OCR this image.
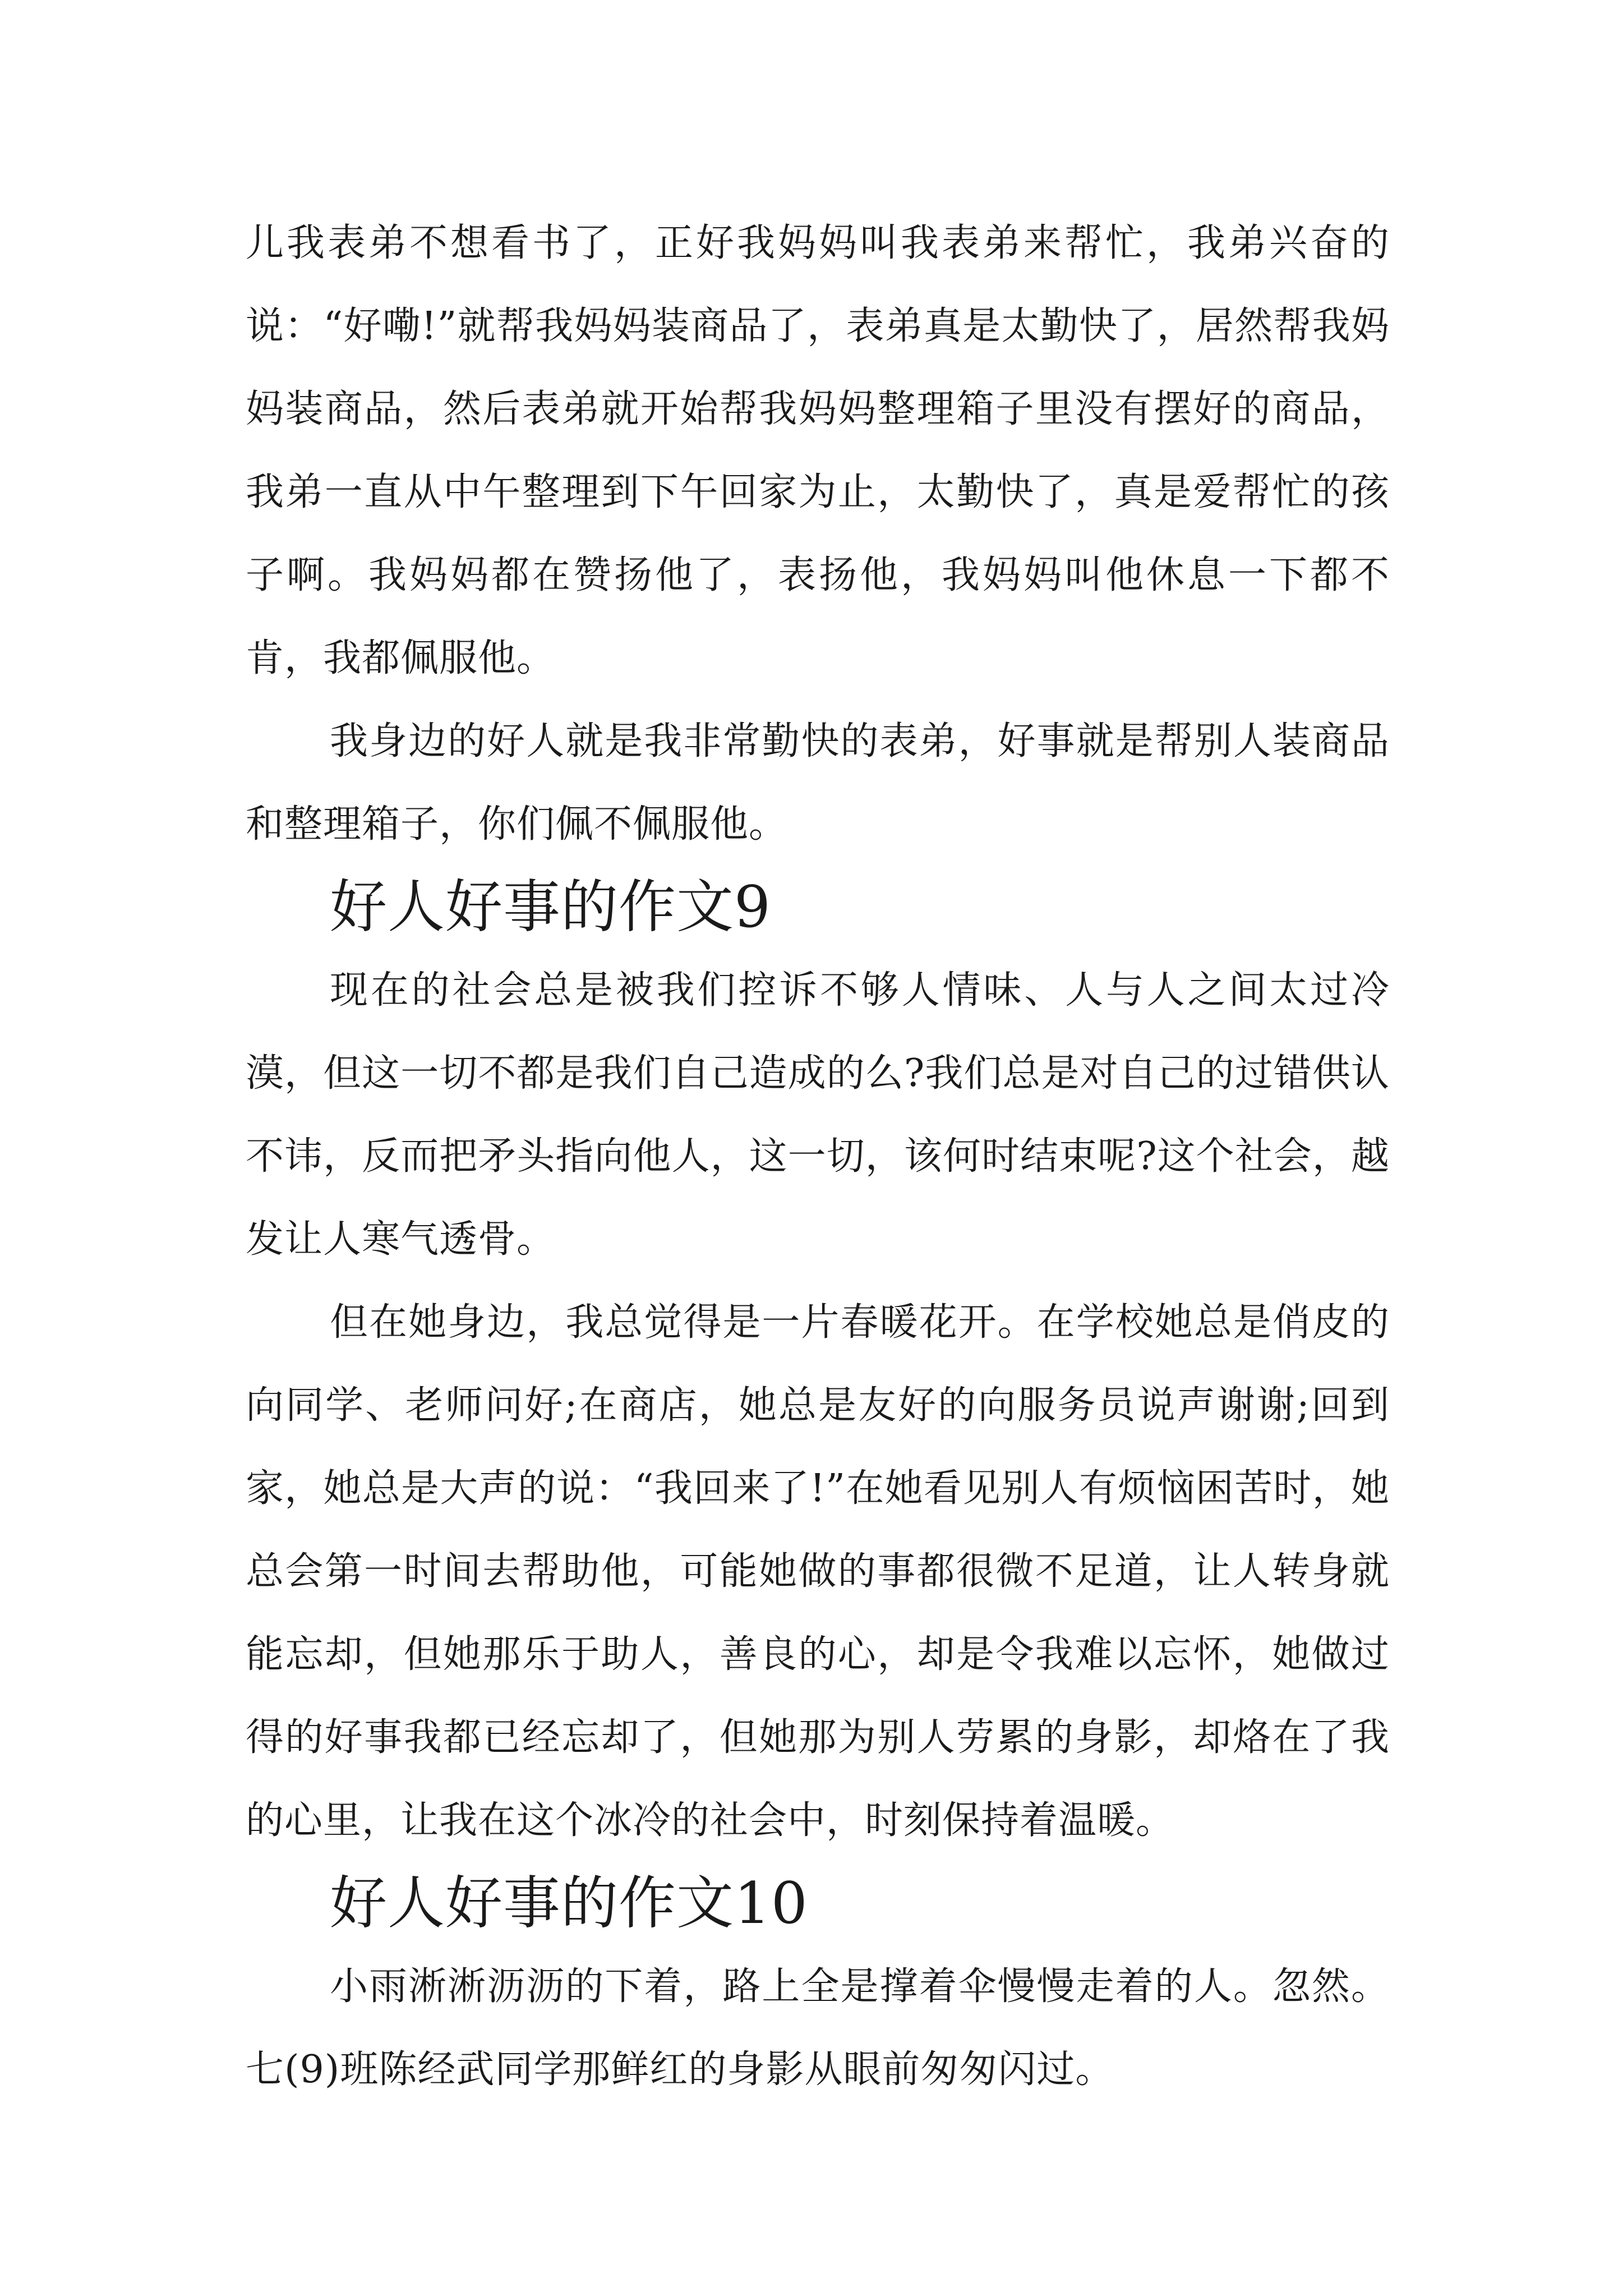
儿我表弟不想看书了，正好我妈妈叫我表弟来帮忙，我弟兴奋的说：“好嘞!”就帮我妈妈装商品了，表弟真是太勤快了，居然帮我妈妈装商品，然后表弟就开始帮我妈妈整理箱子里没有摆好的商品，我弟一直从中午整理到下午回家为止，太勤快了，真是爱帮忙的孩子啊。我妈妈都在赞扬他了，表扬他，我妈妈叫他休息一下都不肯，我都佩服他。

我身边的好人就是我非常勤快的表弟，好事就是帮别人装商品和整理箱子，你们佩不佩服他。

好人好事的作文9

现在的社会总是被我们控诉不够人情味、人与人之间太过冷漠，但这一切不都是我们自己造成的么?我们总是对自己的过错供认不讳，反而把矛头指向他人，这一切，该何时结束呢?这个社会，越发让人寒气透骨。

但在她身边，我总觉得是一片春暖花开。在学校她总是俏皮的向同学、老师问好;在商店，她总是友好的向服务员说声谢谢;回到家，她总是大声的说：“我回来了!”在她看见别人有烦恼困苦时，她总会第一时间去帮助他，可能她做的事都很微不足道，让人转身就能忘却，但她那乐于助人，善良的心，却是令我难以忘怀，她做过得的好事我都已经忘却了，但她那为别人劳累的身影，却烙在了我的心里，让我在这个冰冷的社会中，时刻保持着温暖。

好人好事的作文10

小雨淅淅沥沥的下着，路上全是撑着伞慢慢走着的人。忽然。七(9)班陈经武同学那鲜红的身影从眼前匆匆闪过。
